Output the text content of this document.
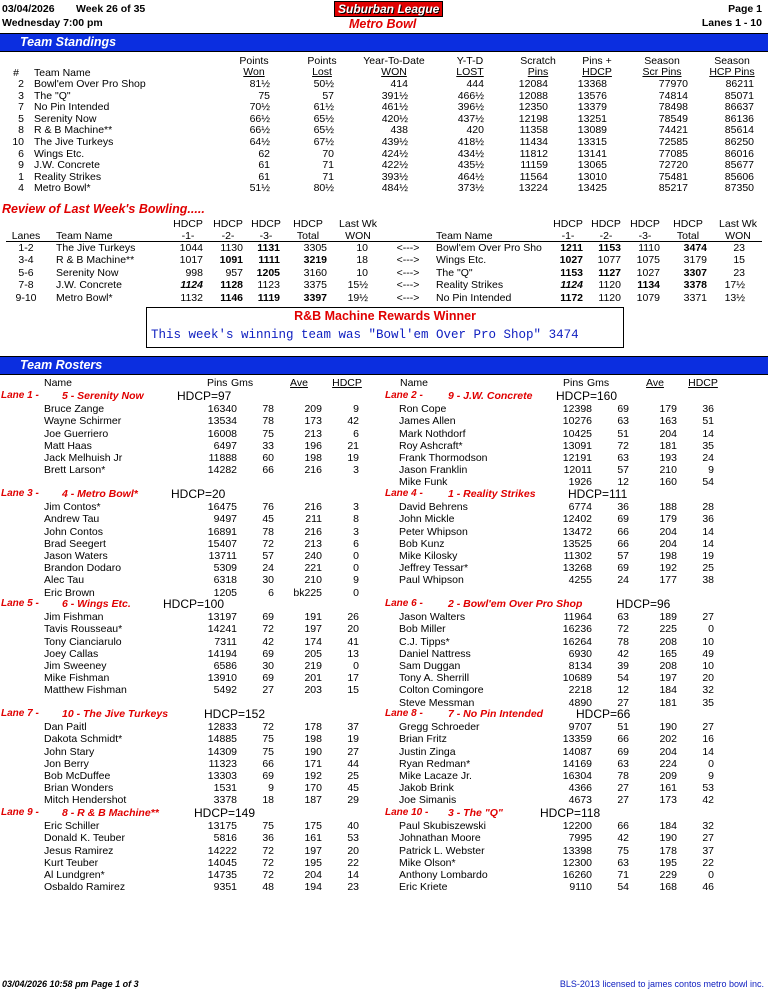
03/04/2026 Week 26 of 35	Suburban League	Page 1
Wednesday 7:00 pm	Metro Bowl	Lanes 1 - 10
Team Standings
#	Team Name
Points
Won
Points
Lost
Year-To-Date
WON
Y-T-D
LOST
Scratch
Pins
Pins +
HDCP
Season
Scr Pins
Season
HCP Pins
2 Bowl'em Over Pro Shop	81½	50½	414	444	12084	13368	77970	86211
3 The "Q"	75	57	391½	466½	12088	13576	74814	85071
7 No Pin Intended	70½	61½	461½	396½	12350	13379	78498	86637
5 Serenity Now	66½	65½	420½	437½	12198	13251	78549	86136
8 R & B Machine**	66½	65½	438	420	11358	13089	74421	85614
10 The Jive Turkeys	64½	67½	439½	418½	11434	13315	72585	86250
6 Wings Etc.	62	70	424½	434½	11812	13141	77085	86016
9 J.W. Concrete	61	71	422½	435½	11159	13065	72720	85677
1 Reality Strikes	61	71	393½	464½	11564	13010	75481	85606
4 Metro Bowl*	51½	80½	484½	373½	13224	13425	85217	87350
Review of Last Week's Bowling.....
Lanes	Team Name
HDCP HDCP HDCP	HDCP
-1-	-2-	-3-	Total
Last Wk
WON	Team Name
HDCP HDCP HDCP	HDCP
-1-	-2-	-3-	Total
Last Wk
WON
1-2	The Jive Turkeys	1044	1130	1131	3305	10	<--->	Bowl'em Over Pro Sho	1211	1153	1110	3474	23
3-4	R & B Machine**	1017	1091	1111	3219	18	<--->	Wings Etc.	1027	1077	1075	3179	15
5-6	Serenity Now	998	957	1205	3160	10	<--->	The "Q"	1153	1127	1027	3307	23
7-8	J.W. Concrete	1124	1128	1123	3375	15½	<--->	Reality Strikes	1124	1120	1134	3378	17½
9-10	Metro Bowl*	1132	1146	1119	3397	19½	<--->	No Pin Intended	1172	1120	1079	3371	13½
R&B Machine Rewards Winner
This week's winning team was "Bowl'em Over Pro Shop" 3474
Team Rosters
Name	Pins Gms	Ave	HDCP	Name	Pins Gms	Ave	HDCP
Lane 1 - 5 - Serenity Now	HDCP=97
Bruce Zange	16340	78	209	9
Wayne Schirmer	13534	78	173	42
Joe Guerriero	16008	75	213	6
Matt Haas	6497	33	196	21
Jack Melhuish Jr	11888	60	198	19
Brett Larson*	14282	66	216	3
Lane 2 - 9 - J.W. Concrete HDCP=160
Ron Cope	12398	69	179	36
James Allen	10276	63	163	51
Mark Nothdorf	10425	51	204	14
Roy Ashcraft*	13091	72	181	35
Frank Thormodson	12191	63	193	24
Jason Franklin	12011	57	210	9
Mike Funk	1926	12	160	54
Lane 3 - 4 - Metro Bowl*	HDCP=20
Jim Contos*	16475	76	216	3
Andrew Tau	9497	45	211	8
John Contos	16891	78	216	3
Brad Seegert	15407	72	213	6
Jason Waters	13711	57	240	0
Brandon Dodaro	5309	24	221	0
Alec Tau	6318	30	210	9
Eric Brown	1205	6	bk225	0
Lane 4 - 1 - Reality Strikes	HDCP=111
David Behrens	6774	36	188	28
John Mickle	12402	69	179	36
Peter Whipson	13472	66	204	14
Bob Kunz	13525	66	204	14
Mike Kilosky	11302	57	198	19
Jeffrey Tessar*	13268	69	192	25
Paul Whipson	4255	24	177	38
Lane 5 - 6 - Wings Etc.	HDCP=100
Jim Fishman	13197	69	191	26
Tavis Rousseau*	14241	72	197	20
Tony Cianciarulo	7311	42	174	41
Joey Callas	14194	69	205	13
Jim Sweeney	6586	30	219	0
Mike Fishman	13910	69	201	17
Matthew Fishman	5492	27	203	15
Lane 6 - 2 - Bowl'em Over Pro Shop	HDCP=96
Jason Walters	11964	63	189	27
Bob Miller	16236	72	225	0
C.J. Tipps*	16264	78	208	10
Daniel Nattress	6930	42	165	49
Sam Duggan	8134	39	208	10
Tony A. Sherrill	10689	54	197	20
Colton Comingore	2218	12	184	32
Steve Messman	4890	27	181	35
Lane 7 - 10 - The Jive Turkeys	HDCP=152
Dan Paitl	12833	72	178	37
Dakota Schmidt*	14885	75	198	19
John Stary	14309	75	190	27
Jon Berry	11323	66	171	44
Bob McDuffee	13303	69	192	25
Brian Wonders	1531	9	170	45
Mitch Hendershot	3378	18	187	29
Lane 8 - 7 - No Pin Intended	HDCP=66
Gregg Schroeder	9707	51	190	27
Brian Fritz	13359	66	202	16
Justin Zinga	14087	69	204	14
Ryan Redman*	14169	63	224	0
Mike Lacaze Jr.	16304	78	209	9
Jakob Brink	4366	27	161	53
Joe Simanis	4673	27	173	42
Lane 9 - 8 - R & B Machine**	HDCP=149
Eric Schiller	13175	75	175	40
Donald K. Teuber	5816	36	161	53
Jesus Ramirez	14222	72	197	20
Kurt Teuber	14045	72	195	22
Al Lundgren*	14735	72	204	14
Osbaldo Ramirez	9351	48	194	23
Lane 10 - 3 - The "Q"	HDCP=118
Paul Skubiszewski	12200	66	184	32
Johnathan Moore	7995	42	190	27
Patrick L. Webster	13398	75	178	37
Mike Olson*	12300	63	195	22
Anthony Lombardo	16260	71	229	0
Eric Kriete	9110	54	168	46
03/04/2026 10:58 pm Page 1 of 3	BLS-2013 licensed to james contos metro bowl inc.
